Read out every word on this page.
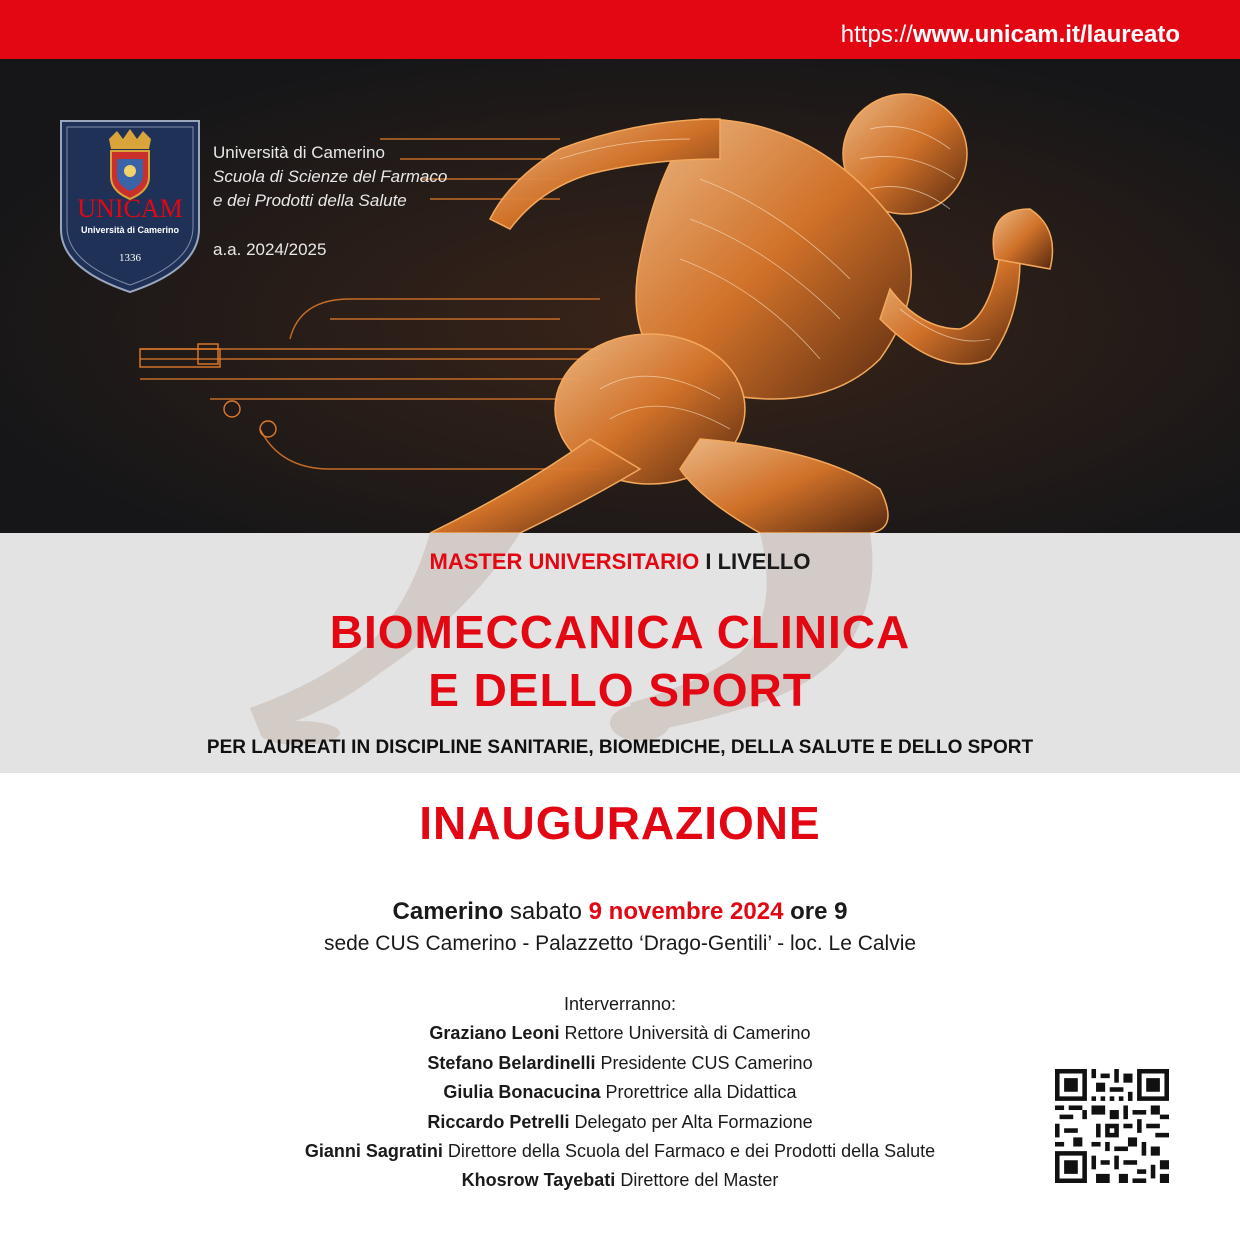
https://www.unicam.it/laureato
UNICAM
Università di Camerino
1336
Università di Camerino
Scuola di Scienze del Farmaco
e dei Prodotti della Salute
a.a. 2024/2025
MASTER UNIVERSITARIO I LIVELLO
BIOMECCANICA CLINICA
E DELLO SPORT
PER LAUREATI IN DISCIPLINE SANITARIE, BIOMEDICHE, DELLA SALUTE E DELLO SPORT
INAUGURAZIONE
Camerino sabato 9 novembre 2024 ore 9
sede CUS Camerino - Palazzetto ‘Drago-Gentili’ - loc. Le Calvie
Interverranno:
Graziano Leoni Rettore Università di Camerino
Stefano Belardinelli Presidente CUS Camerino
Giulia Bonacucina Prorettrice alla Didattica
Riccardo Petrelli Delegato per Alta Formazione
Gianni Sagratini Direttore della Scuola del Farmaco e dei Prodotti della Salute
Khosrow Tayebati Direttore del Master
